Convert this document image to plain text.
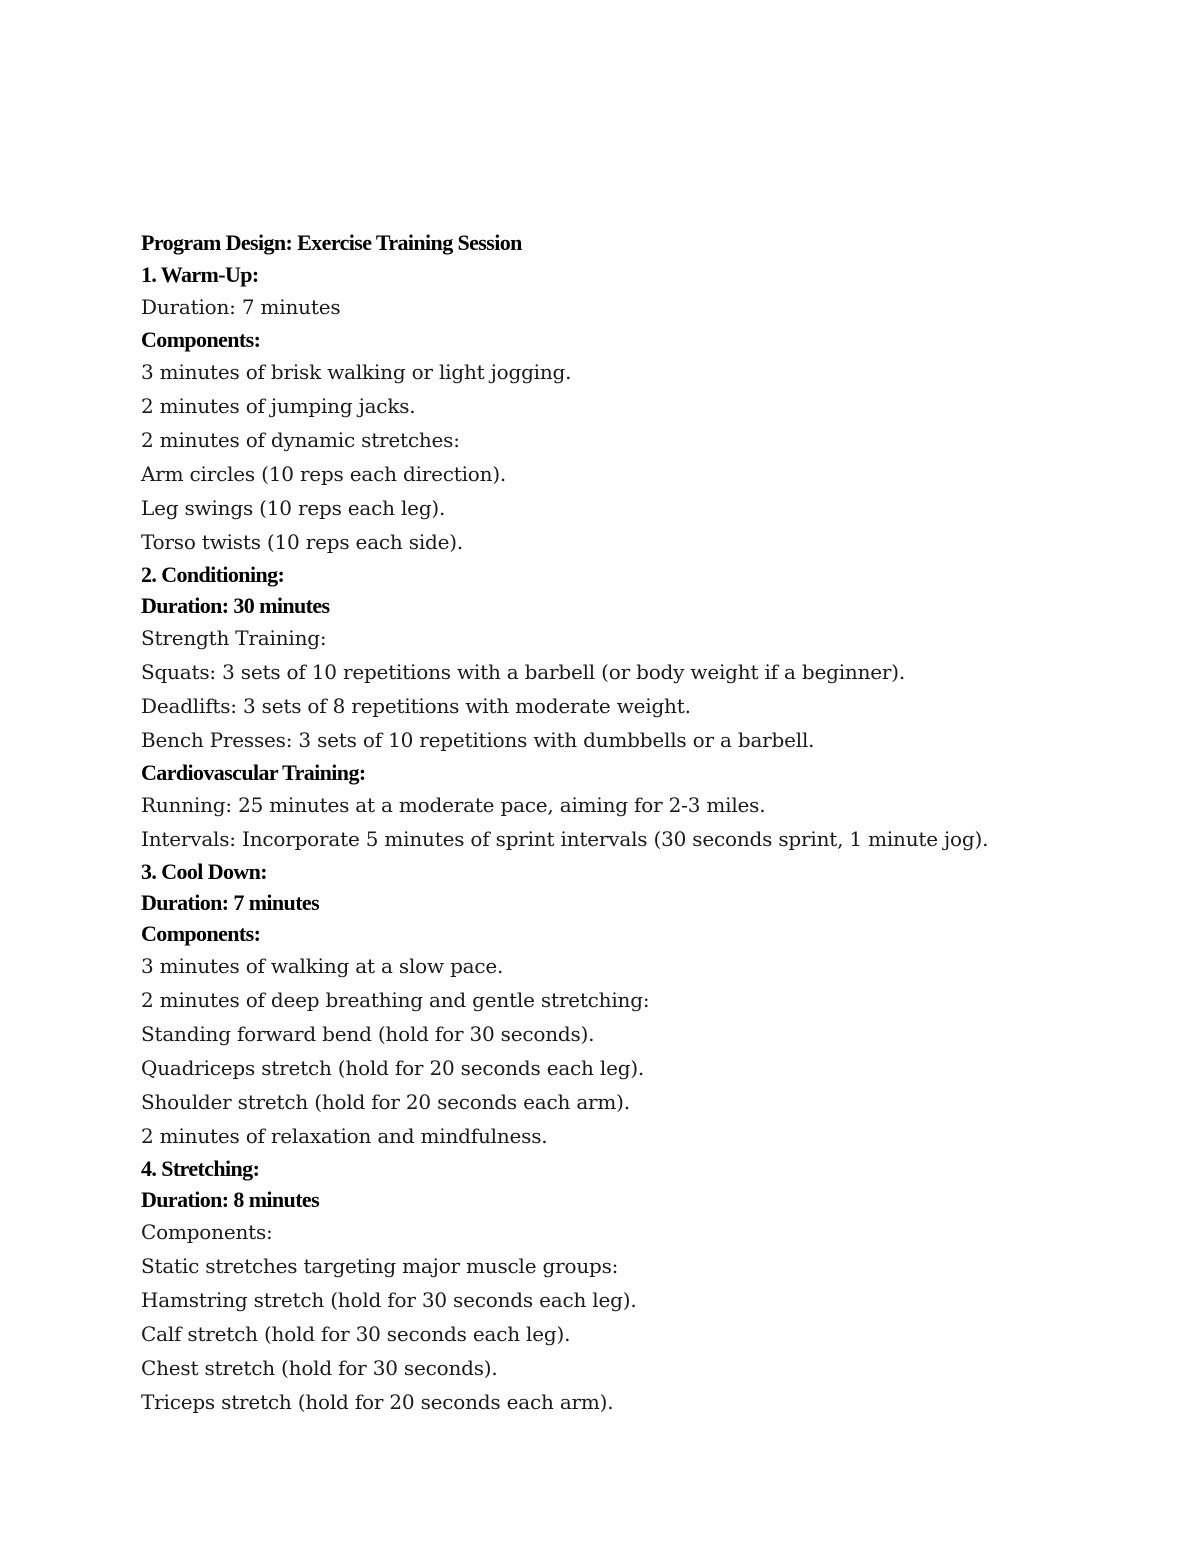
Program Design: Exercise Training Session
1. Warm-Up:
Duration: 7 minutes
Components:
3 minutes of brisk walking or light jogging.
2 minutes of jumping jacks.
2 minutes of dynamic stretches:
Arm circles (10 reps each direction).
Leg swings (10 reps each leg).
Torso twists (10 reps each side).
2. Conditioning:
Duration: 30 minutes
Strength Training:
Squats: 3 sets of 10 repetitions with a barbell (or body weight if a beginner).
Deadlifts: 3 sets of 8 repetitions with moderate weight.
Bench Presses: 3 sets of 10 repetitions with dumbbells or a barbell.
Cardiovascular Training:
Running: 25 minutes at a moderate pace, aiming for 2-3 miles.
Intervals: Incorporate 5 minutes of sprint intervals (30 seconds sprint, 1 minute jog).
3. Cool Down:
Duration: 7 minutes
Components:
3 minutes of walking at a slow pace.
2 minutes of deep breathing and gentle stretching:
Standing forward bend (hold for 30 seconds).
Quadriceps stretch (hold for 20 seconds each leg).
Shoulder stretch (hold for 20 seconds each arm).
2 minutes of relaxation and mindfulness.
4. Stretching:
Duration: 8 minutes
Components:
Static stretches targeting major muscle groups:
Hamstring stretch (hold for 30 seconds each leg).
Calf stretch (hold for 30 seconds each leg).
Chest stretch (hold for 30 seconds).
Triceps stretch (hold for 20 seconds each arm).
